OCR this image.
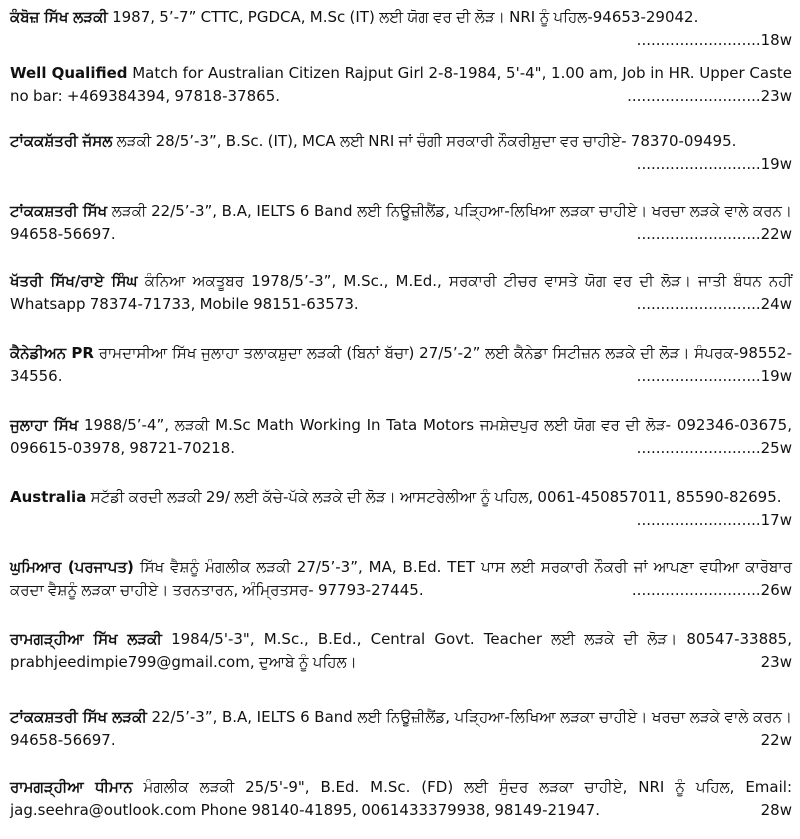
ਕੰਬੋਜ਼ ਸਿੱਖ ਲੜਕੀ 1987, 5’-7” CTTC, PGDCA, M.Sc (IT) ਲਈ ਯੋਗ ਵਰ ਦੀ ਲੋੜ। NRI ਨੂੰ ਪਹਿਲ-94653-29042.
..........................18w
Well Qualified Match for Australian Citizen Rajput Girl 2-8-1984, 5'-4", 1.00 am, Job in HR. Upper Caste no bar: +469384394, 97818-37865.	............................23w
ਟਾਂਕਕਸ਼ੱਤਰੀ ਜੱਸਲ ਲੜਕੀ 28/5’-3”, B.Sc. (IT), MCA ਲਈ NRI ਜਾਂ ਚੰਗੀ ਸਰਕਾਰੀ ਨੌਕਰੀਸ਼ੁਦਾ ਵਰ ਚਾਹੀਏ- 78370-09495.
..........................19w
ਟਾਂਕਕਸ਼ਤਰੀ ਸਿੱਖ ਲੜਕੀ 22/5’-3”, B.A, IELTS 6 Band ਲਈ ਨਿਊਜ਼ੀਲੈਂਡ, ਪੜ੍ਹਿਆ-ਲਿਖਿਆ ਲੜਕਾ ਚਾਹੀਏ। ਖਰਚਾ ਲੜਕੇ ਵਾਲੇ ਕਰਨ। 94658-56697.	..........................22w
ਖੱਤਰੀ ਸਿੱਖ/ਰਾਏ ਸਿੰਘ ਕੰਨਿਆ ਅਕਤੂਬਰ 1978/5’-3”, M.Sc., M.Ed., ਸਰਕਾਰੀ ਟੀਚਰ ਵਾਸਤੇ ਯੋਗ ਵਰ ਦੀ ਲੋੜ। ਜਾਤੀ ਬੰਧਨ ਨਹੀਂ Whatsapp 78374-71733, Mobile 98151-63573.	..........................24w
ਕੈਨੇਡੀਅਨ PR ਰਾਮਦਾਸੀਆ ਸਿੱਖ ਜੁਲਾਹਾ ਤਲਾਕਸ਼ੁਦਾ ਲੜਕੀ (ਬਿਨਾਂ ਬੱਚਾ) 27/5’-2” ਲਈ ਕੈਨੇਡਾ ਸਿਟੀਜ਼ਨ ਲੜਕੇ ਦੀ ਲੋੜ। ਸੰਪਰਕ-98552-34556.	..........................19w
ਜੁਲਾਹਾ ਸਿੱਖ 1988/5’-4”, ਲੜਕੀ M.Sc Math Working In Tata Motors ਜਮਸ਼ੇਦਪੁਰ ਲਈ ਯੋਗ ਵਰ ਦੀ ਲੋੜ- 092346-03675, 096615-03978, 98721-70218.	..........................25w
Australia ਸਟੱਡੀ ਕਰਦੀ ਲੜਕੀ 29/ ਲਈ ਕੱਚੇ-ਪੱਕੇ ਲੜਕੇ ਦੀ ਲੋੜ। ਆਸਟਰੇਲੀਆ ਨੂੰ ਪਹਿਲ, 0061-450857011, 85590-82695.
..........................17w
ਘੁਮਿਆਰ (ਪਰਜਾਪਤ) ਸਿੱਖ ਵੈਸ਼ਨੂੰ ਮੰਗਲੀਕ ਲੜਕੀ 27/5’-3”, MA, B.Ed. TET ਪਾਸ ਲਈ ਸਰਕਾਰੀ ਨੌਕਰੀ ਜਾਂ ਆਪਣਾ ਵਧੀਆ ਕਾਰੋਬਾਰ ਕਰਦਾ ਵੈਸ਼ਨੂੰ ਲੜਕਾ ਚਾਹੀਏ। ਤਰਨਤਾਰਨ, ਅੰਮ੍ਰਿਤਸਰ- 97793-27445.	...........................26w
ਰਾਮਗੜ੍ਹੀਆ ਸਿੱਖ ਲੜਕੀ 1984/5'-3", M.Sc., B.Ed., Central Govt. Teacher ਲਈ ਲੜਕੇ ਦੀ ਲੋੜ। 80547-33885, prabhjeedimpie799@gmail.com, ਦੁਆਬੇ ਨੂੰ ਪਹਿਲ।	23w
ਟਾਂਕਕਸ਼ਤਰੀ ਸਿੱਖ ਲੜਕੀ 22/5’-3”, B.A, IELTS 6 Band ਲਈ ਨਿਊਜ਼ੀਲੈਂਡ, ਪੜ੍ਹਿਆ-ਲਿਖਿਆ ਲੜਕਾ ਚਾਹੀਏ। ਖਰਚਾ ਲੜਕੇ ਵਾਲੇ ਕਰਨ। 94658-56697.	22w
ਰਾਮਗੜ੍ਹੀਆ ਧੀਮਾਨ ਮੰਗਲੀਕ ਲੜਕੀ 25/5'-9", B.Ed. M.Sc. (FD) ਲਈ ਸੁੰਦਰ ਲੜਕਾ ਚਾਹੀਏ, NRI ਨੂੰ ਪਹਿਲ, Email: jag.seehra@outlook.com Phone 98140-41895, 0061433379938, 98149-21947.	28w
